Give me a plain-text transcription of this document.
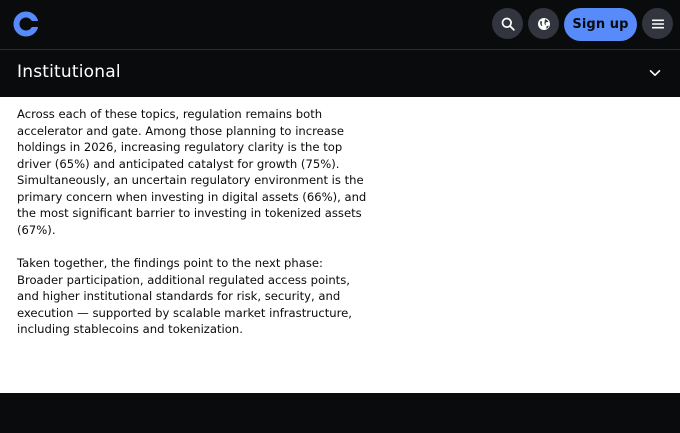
Sign up
Institutional

Across each of these topics, regulation remains both accelerator and gate. Among those planning to increase holdings in 2026, increasing regulatory clarity is the top driver (65%) and anticipated catalyst for growth (75%). Simultaneously, an uncertain regulatory environment is the primary concern when investing in digital assets (66%), and the most significant barrier to investing in tokenized assets (67%).

Taken together, the findings point to the next phase: Broader participation, additional regulated access points, and higher institutional standards for risk, security, and execution — supported by scalable market infrastructure, including stablecoins and tokenization.
